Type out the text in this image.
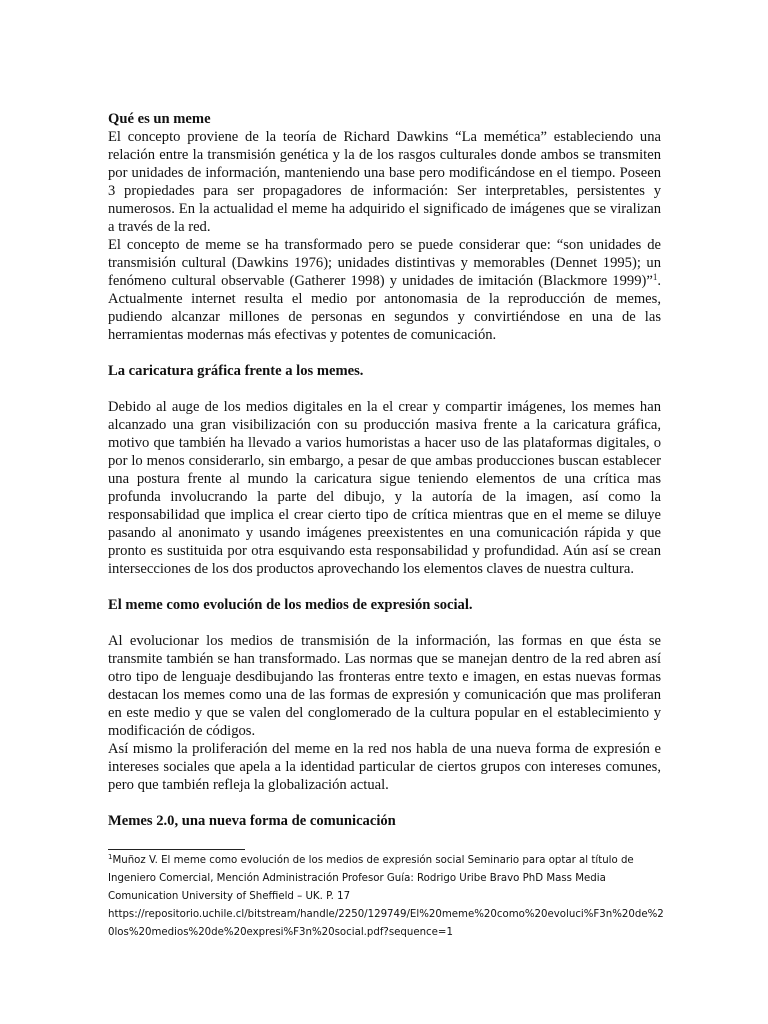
Qué es un meme

El concepto proviene de la teoría de Richard Dawkins “La memética” estableciendo una relación entre la transmisión genética y la de los rasgos culturales donde ambos se transmiten por unidades de información, manteniendo una base pero modificándose en el tiempo. Poseen 3 propiedades para ser propagadores de información: Ser interpretables, persistentes y numerosos. En la actualidad el meme ha adquirido el significado de imágenes que se viralizan a través de la red.

El concepto de meme se ha transformado pero se puede considerar que: “son unidades de transmisión cultural (Dawkins 1976); unidades distintivas y memorables (Dennet 1995); un fenómeno cultural observable (Gatherer 1998) y unidades de imitación (Blackmore 1999)”$^1$. Actualmente internet resulta el medio por antonomasia de la reproducción de memes, pudiendo alcanzar millones de personas en segundos y convirtiéndose en una de las herramientas modernas más efectivas y potentes de comunicación.

La caricatura gráfica frente a los memes.

Debido al auge de los medios digitales en la el crear y compartir imágenes, los memes han alcanzado una gran visibilización con su producción masiva frente a la caricatura gráfica, motivo que también ha llevado a varios humoristas a hacer uso de las plataformas digitales, o por lo menos considerarlo, sin embargo, a pesar de que ambas producciones buscan establecer una postura frente al mundo la caricatura sigue teniendo elementos de una crítica mas profunda involucrando la parte del dibujo, y la autoría de la imagen, así como la responsabilidad que implica el crear cierto tipo de crítica mientras que en el meme se diluye pasando al anonimato y usando imágenes preexistentes en una comunicación rápida y que pronto es sustituida por otra esquivando esta responsabilidad y profundidad. Aún así se crean intersecciones de los dos productos aprovechando los elementos claves de nuestra cultura.

El meme como evolución de los medios de expresión social.

Al evolucionar los medios de transmisión de la información, las formas en que ésta se transmite también se han transformado. Las normas que se manejan dentro de la red abren así otro tipo de lenguaje desdibujando las fronteras entre texto e imagen, en estas nuevas formas destacan los memes como una de las formas de expresión y comunicación que mas proliferan en este medio y que se valen del conglomerado de la cultura popular en el establecimiento y modificación de códigos.

Así mismo la proliferación del meme en la red nos habla de una nueva forma de expresión e intereses sociales que apela a la identidad particular de ciertos grupos con intereses comunes, pero que también refleja la globalización actual.

Memes 2.0, una nueva forma de comunicación

$^1$Muñoz V. El meme como evolución de los medios de expresión social Seminario para optar al título de Ingeniero Comercial, Mención Administración Profesor Guía: Rodrigo Uribe Bravo PhD Mass Media Comunication University of Sheffield – UK. P. 17

https://repositorio.uchile.cl/bitstream/handle/2250/129749/El%20meme%20como%20evoluci%F3n%20de%20los%20medios%20de%20expresi%F3n%20social.pdf?sequence=1
